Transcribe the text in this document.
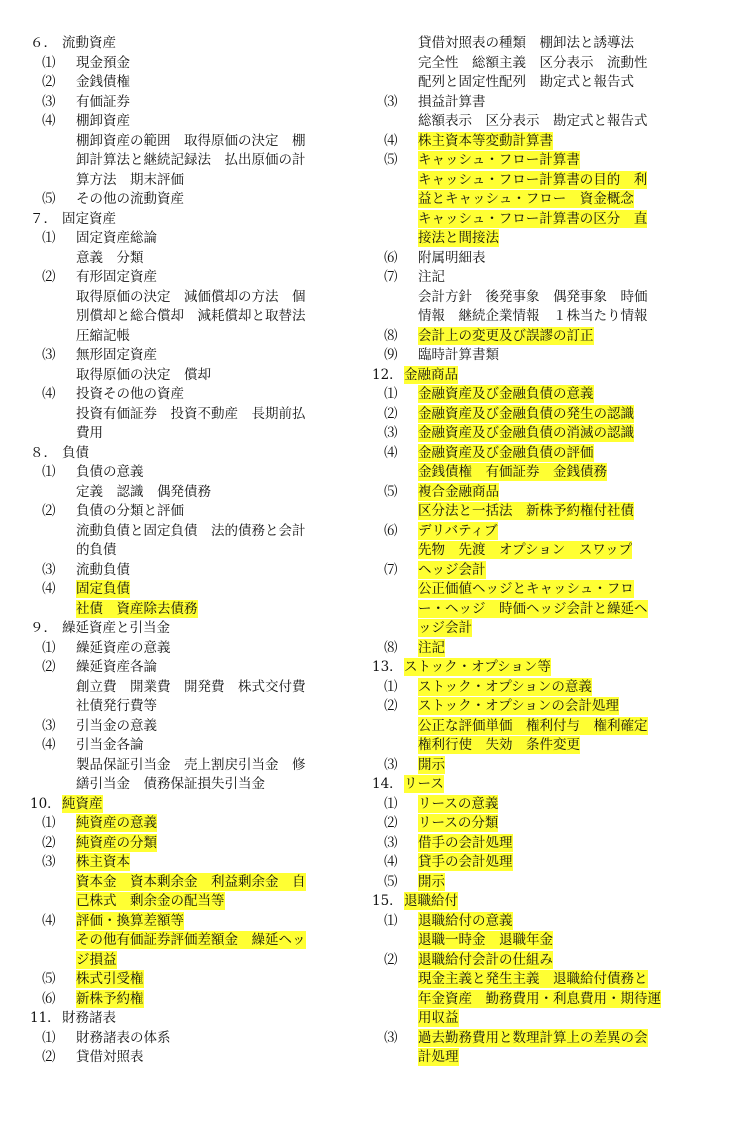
６． 流動資産
⑴ 現金預金
⑵ 金銭債権
⑶ 有価証券
⑷ 棚卸資産
棚卸資産の範囲　取得原価の決定　棚
卸計算法と継続記録法　払出原価の計
算方法　期末評価
⑸ その他の流動資産
７． 固定資産
⑴ 固定資産総論
意義　分類
⑵ 有形固定資産
取得原価の決定　減価償却の方法　個
別償却と総合償却　減耗償却と取替法
圧縮記帳
⑶ 無形固定資産
取得原価の決定　償却
⑷ 投資その他の資産
投資有価証券　投資不動産　長期前払
費用
８． 負債
⑴ 負債の意義
定義　認識　偶発債務
⑵ 負債の分類と評価
流動負債と固定負債　法的債務と会計
的負債
⑶ 流動負債
⑷ 固定負債
社債　資産除去債務
９． 繰延資産と引当金
⑴ 繰延資産の意義
⑵ 繰延資産各論
創立費　開業費　開発費　株式交付費
社債発行費等
⑶ 引当金の意義
⑷ 引当金各論
製品保証引当金　売上割戻引当金　修
繕引当金　債務保証損失引当金
10． 純資産
⑴ 純資産の意義
⑵ 純資産の分類
⑶ 株主資本
資本金　資本剰余金　利益剰余金　自
己株式　剰余金の配当等
⑷ 評価・換算差額等
その他有価証券評価差額金　繰延ヘッ
ジ損益
⑸ 株式引受権
⑹ 新株予約権
11． 財務諸表
⑴ 財務諸表の体系
⑵ 貸借対照表
貸借対照表の種類　棚卸法と誘導法
完全性　総額主義　区分表示　流動性
配列と固定性配列　勘定式と報告式
⑶ 損益計算書
総額表示　区分表示　勘定式と報告式
⑷ 株主資本等変動計算書
⑸ キャッシュ・フロー計算書
キャッシュ・フロー計算書の目的　利
益とキャッシュ・フロー　資金概念
キャッシュ・フロー計算書の区分　直
接法と間接法
⑹ 附属明細表
⑺ 注記
会計方針　後発事象　偶発事象　時価
情報　継続企業情報　１株当たり情報
⑻ 会計上の変更及び誤謬の訂正
⑼ 臨時計算書類
12． 金融商品
⑴ 金融資産及び金融負債の意義
⑵ 金融資産及び金融負債の発生の認識
⑶ 金融資産及び金融負債の消滅の認識
⑷ 金融資産及び金融負債の評価
金銭債権　有価証券　金銭債務
⑸ 複合金融商品
区分法と一括法　新株予約権付社債
⑹ デリバティブ
先物　先渡　オプション　スワップ
⑺ ヘッジ会計
公正価値ヘッジとキャッシュ・フロ
ー・ヘッジ　時価ヘッジ会計と繰延ヘ
ッジ会計
⑻ 注記
13． ストック・オプション等
⑴ ストック・オプションの意義
⑵ ストック・オプションの会計処理
公正な評価単価　権利付与　権利確定
権利行使　失効　条件変更
⑶ 開示
14． リース
⑴ リースの意義
⑵ リースの分類
⑶ 借手の会計処理
⑷ 貸手の会計処理
⑸ 開示
15． 退職給付
⑴ 退職給付の意義
退職一時金　退職年金
⑵ 退職給付会計の仕組み
現金主義と発生主義　退職給付債務と
年金資産　勤務費用・利息費用・期待運
用収益
⑶ 過去勤務費用と数理計算上の差異の会
計処理
